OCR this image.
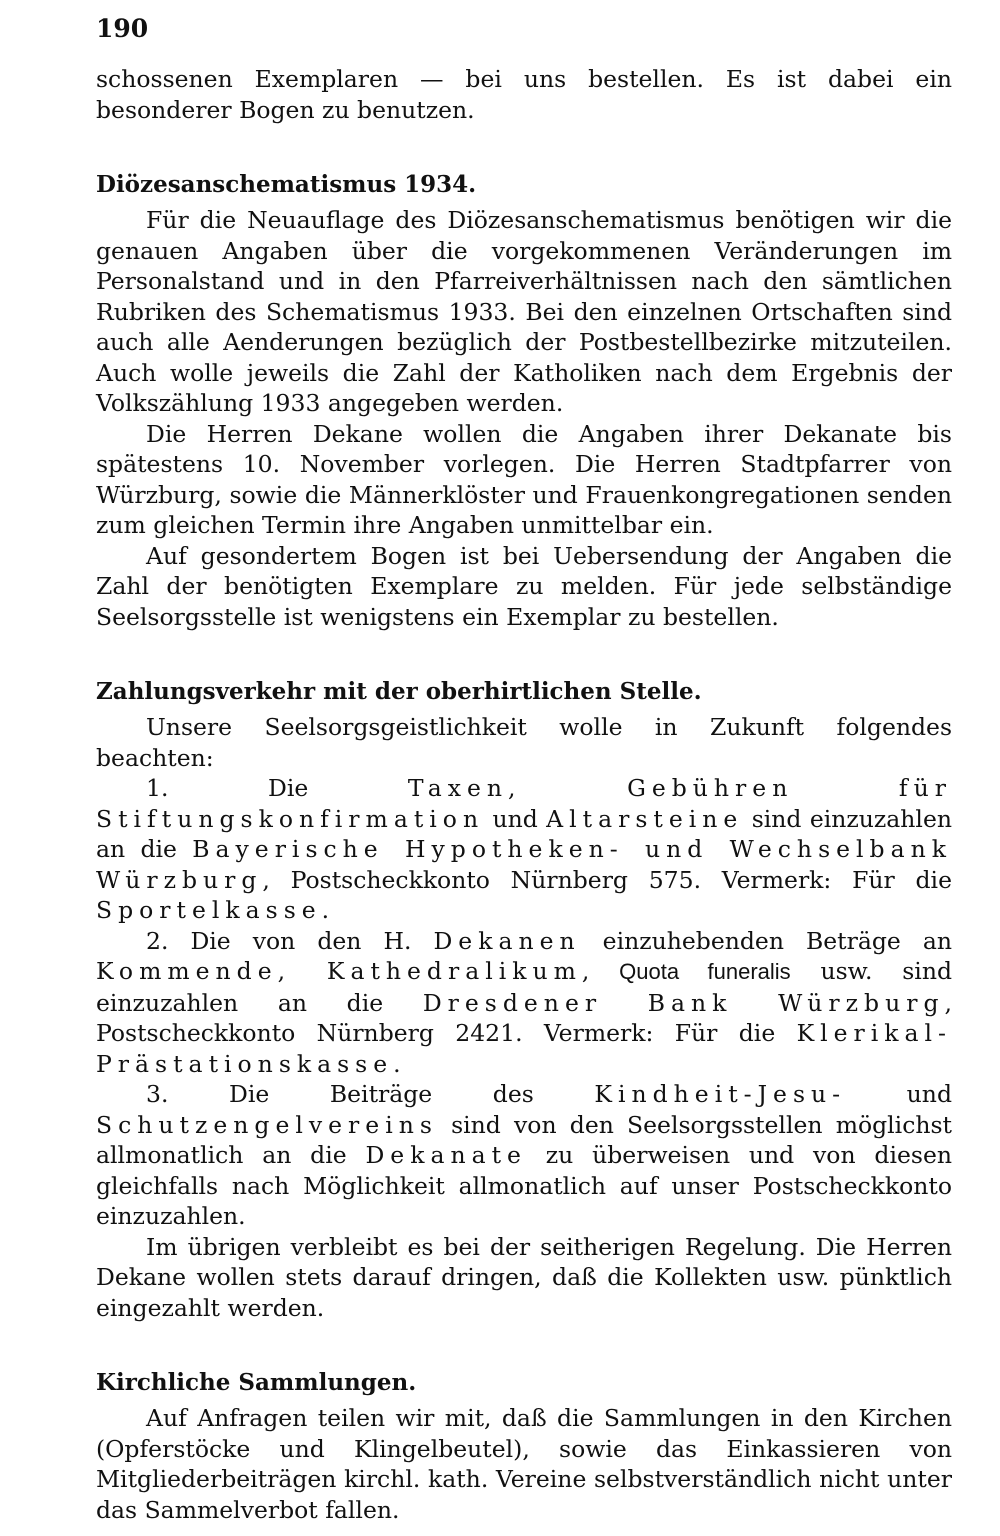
190

schossenen Exemplaren — bei uns bestellen. Es ist dabei ein besonderer Bogen zu benutzen.

Diözesanschematismus 1934.

Für die Neuauflage des Diözesanschematismus benötigen wir die genauen Angaben über die vorgekommenen Veränderungen im Personalstand und in den Pfarreiverhältnissen nach den sämtlichen Rubriken des Schematismus 1933. Bei den einzelnen Ortschaften sind auch alle Aenderungen bezüglich der Postbestellbezirke mitzuteilen. Auch wolle jeweils die Zahl der Katholiken nach dem Ergebnis der Volkszählung 1933 angegeben werden.

Die Herren Dekane wollen die Angaben ihrer Dekanate bis spätestens 10. November vorlegen. Die Herren Stadtpfarrer von Würzburg, sowie die Männerklöster und Frauenkongregationen senden zum gleichen Termin ihre Angaben unmittelbar ein.

Auf gesondertem Bogen ist bei Uebersendung der Angaben die Zahl der benötigten Exemplare zu melden. Für jede selbständige Seelsorgsstelle ist wenigstens ein Exemplar zu bestellen.

Zahlungsverkehr mit der oberhirtlichen Stelle.

Unsere Seelsorgsgeistlichkeit wolle in Zukunft folgendes beachten:

1. Die Taxen, Gebühren für Stiftungskonfirmation und Altarsteine sind einzuzahlen an die Bayerische Hypotheken- und Wechselbank Würzburg, Postscheckkonto Nürnberg 575. Vermerk: Für die Sportelkasse.

2. Die von den H. Dekanen einzuhebenden Beträge an Kommende, Kathedralikum, Quota funeralis usw. sind einzuzahlen an die Dresdener Bank Würzburg, Postscheckkonto Nürnberg 2421. Vermerk: Für die Klerikal-Prästationskasse.

3. Die Beiträge des Kindheit-Jesu- und Schutzengelvereins sind von den Seelsorgsstellen möglichst allmonatlich an die Dekanate zu überweisen und von diesen gleichfalls nach Möglichkeit allmonatlich auf unser Postscheckkonto einzuzahlen.

Im übrigen verbleibt es bei der seitherigen Regelung. Die Herren Dekane wollen stets darauf dringen, daß die Kollekten usw. pünktlich eingezahlt werden.

Kirchliche Sammlungen.

Auf Anfragen teilen wir mit, daß die Sammlungen in den Kirchen (Opferstöcke und Klingelbeutel), sowie das Einkassieren von Mitgliederbeiträgen kirchl. kath. Vereine selbstverständlich nicht unter das Sammelverbot fallen.
